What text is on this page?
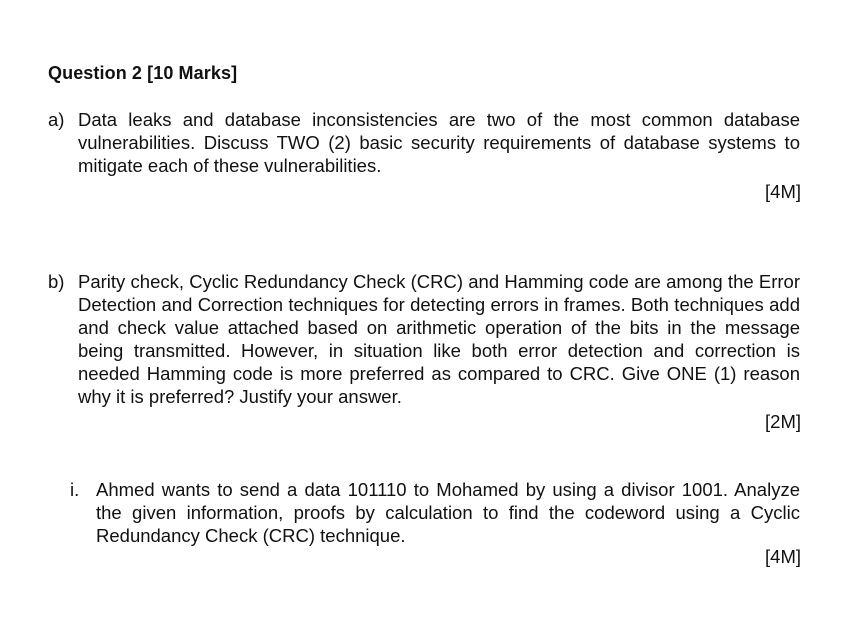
Question 2 [10 Marks]
a) Data leaks and database inconsistencies are two of the most common database vulnerabilities. Discuss TWO (2) basic security requirements of database systems to mitigate each of these vulnerabilities.
[4M]
b) Parity check, Cyclic Redundancy Check (CRC) and Hamming code are among the Error Detection and Correction techniques for detecting errors in frames. Both techniques add and check value attached based on arithmetic operation of the bits in the message being transmitted. However, in situation like both error detection and correction is needed Hamming code is more preferred as compared to CRC. Give ONE (1) reason why it is preferred? Justify your answer.
[2M]
i. Ahmed wants to send a data 101110 to Mohamed by using a divisor 1001. Analyze the given information, proofs by calculation to find the codeword using a Cyclic Redundancy Check (CRC) technique.
[4M]
